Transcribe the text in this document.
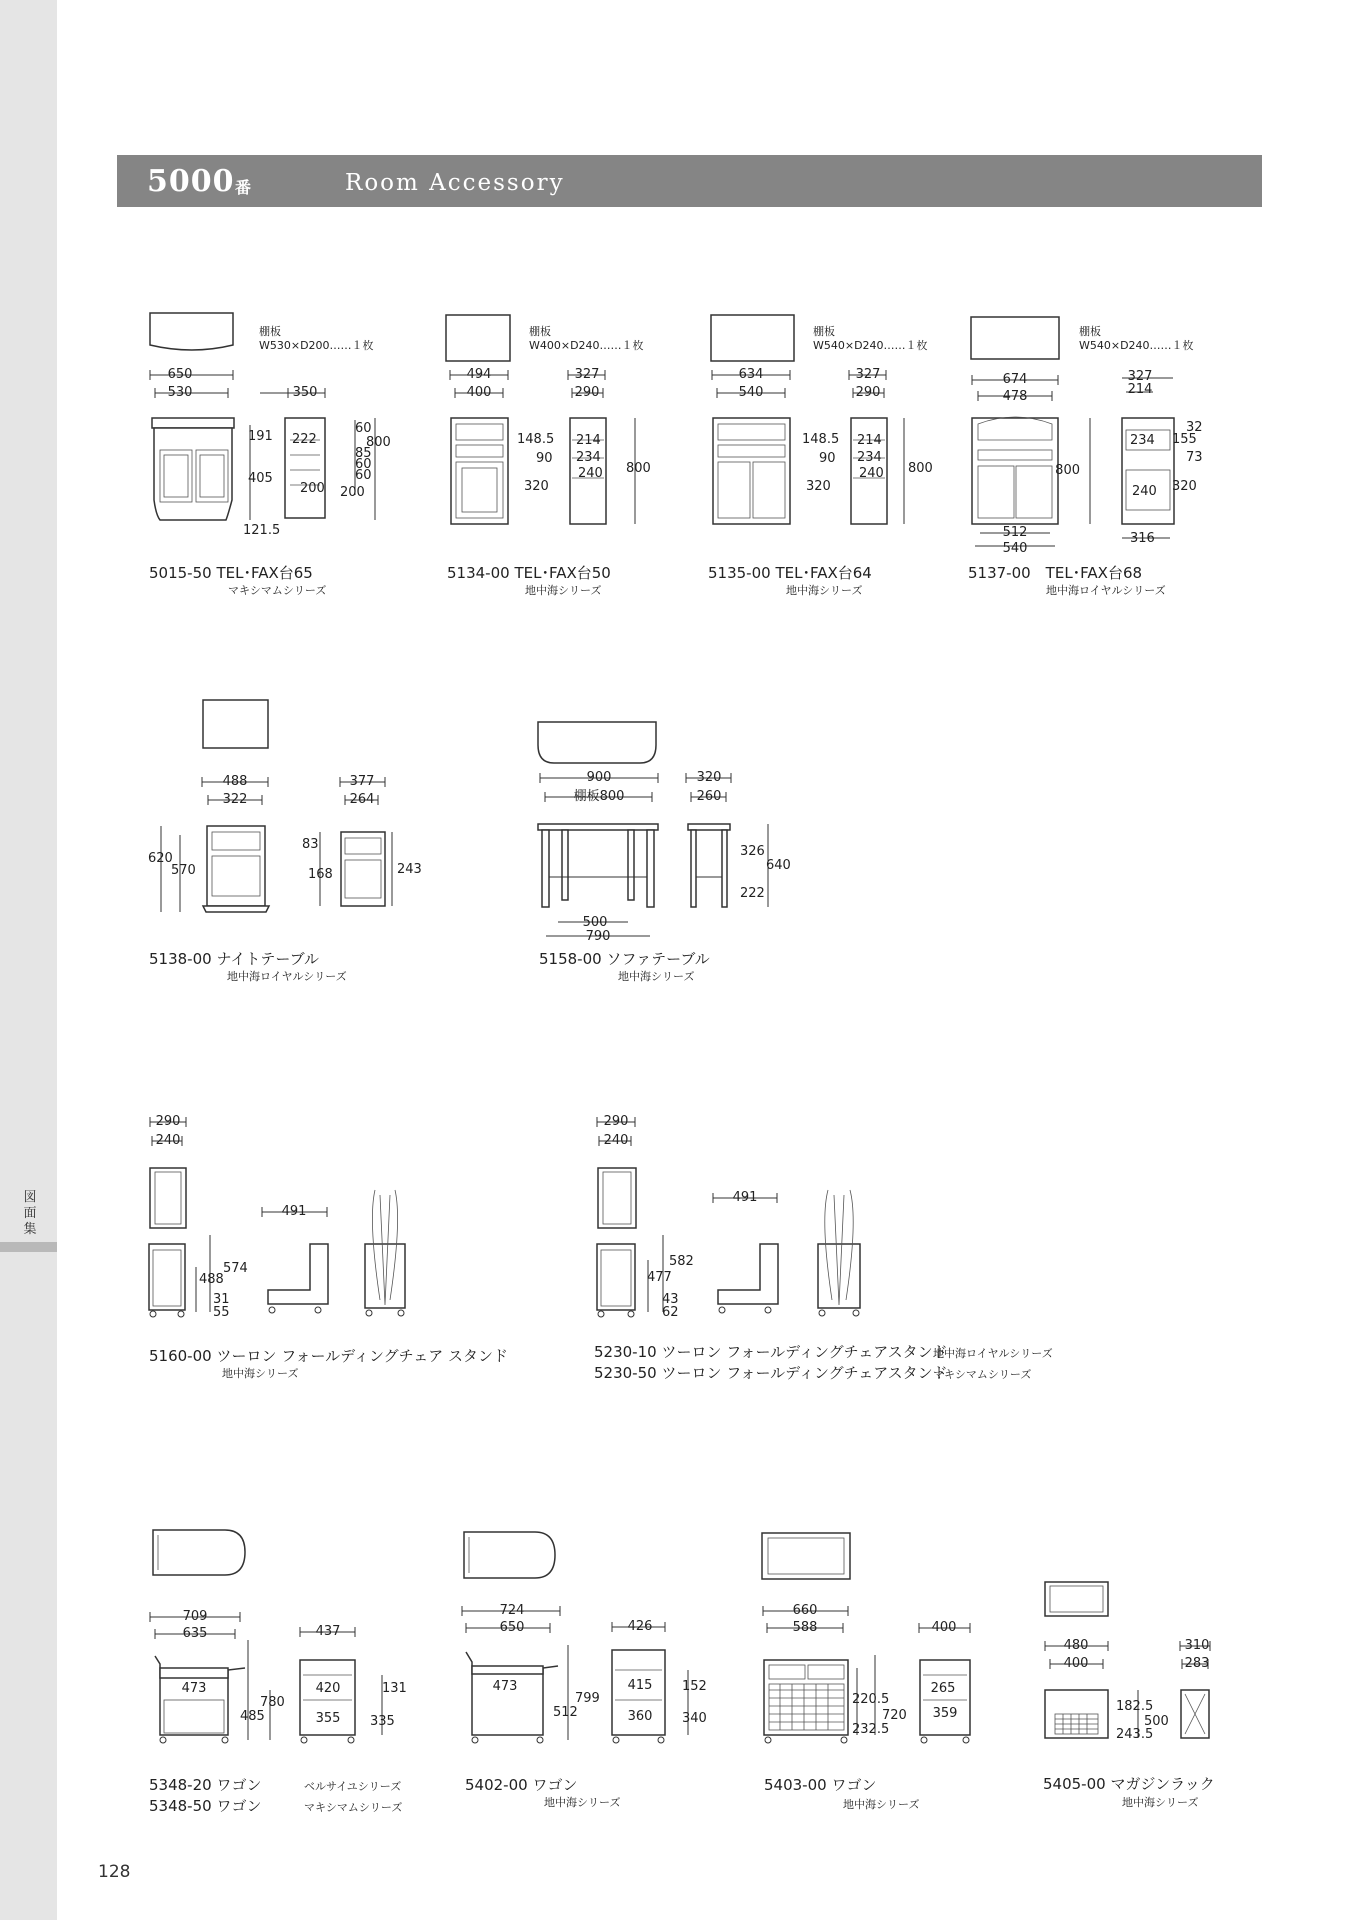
図
面
集
5000 番	Room Accessory
650
530	350
191
405
121.5
222
200 200
60
800
85
60
60
494
400
327
290
148.5
90
320
214
234
240 800
634
540
327
290
148.5
90
320
214
234
240 800
674
478
800
512
540
327
214
234
240
32
155
73
320
316
488
322
377
264
620
570
83
168	243
900
棚板800
320
260
326
640
222
500
790
290
240
491
574
488
31
55
290
240
491
582
477
43
62
709
635	437
473
780
485
420
355
131
335
724
650	426
473
512
799
415
360
152
340
660
588	400
220.5
232.5
720
265
359
480
400
310
283
182.5
243.5
500
棚板
W530×D200……１枚
棚板
W400×D240……１枚
棚板
W540×D240……１枚
棚板
W540×D240……１枚
5015-50 TEL･FAX台65
マキシマムシリーズ
5134-00 TEL･FAX台50
地中海シリーズ
5135-00 TEL･FAX台64
地中海シリーズ
5137-00　TEL･FAX台68
地中海ロイヤルシリーズ
5138-00 ナイトテーブル
地中海ロイヤルシリーズ
5158-00 ソファテーブル
地中海シリーズ
5160-00 ツーロン フォールディングチェア スタンド
地中海シリーズ
5230-10 ツーロン フォールディングチェアスタンド
地中海ロイヤルシリーズ
5230-50 ツーロン フォールディングチェアスタンド
マキシマムシリーズ
5348-20 ワゴン	ベルサイユシリーズ
5348-50 ワゴン	マキシマムシリーズ
5402-00 ワゴン
地中海シリーズ
5403-00 ワゴン
地中海シリーズ
5405-00 マガジンラック
地中海シリーズ
128
